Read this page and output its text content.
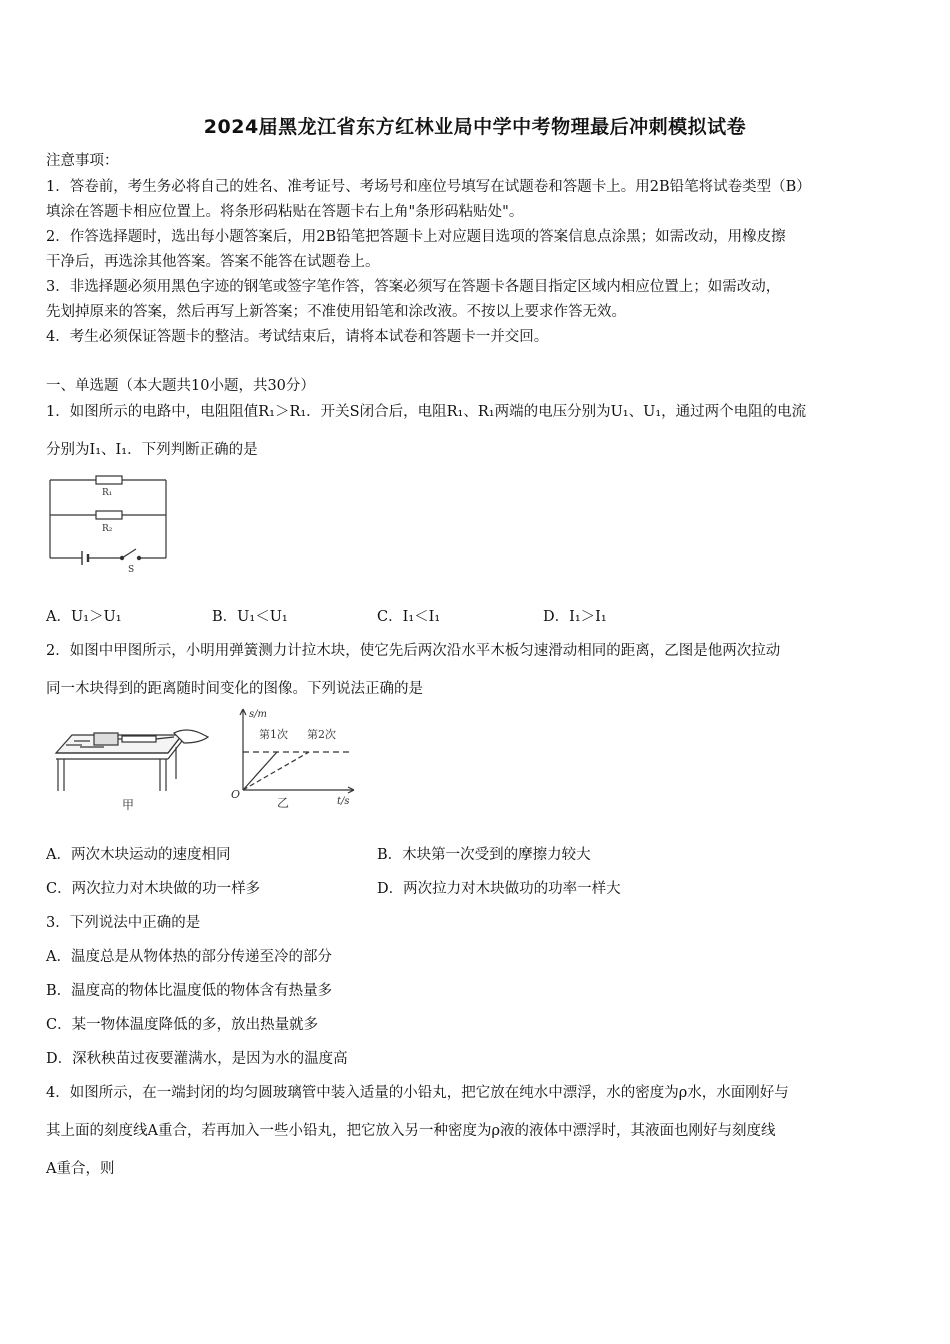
2024届黑龙江省东方红林业局中学中考物理最后冲刺模拟试卷
注意事项：
1．答卷前，考生务必将自己的姓名、准考证号、考场号和座位号填写在试题卷和答题卡上。用2B铅笔将试卷类型（B）
填涂在答题卡相应位置上。将条形码粘贴在答题卡右上角"条形码粘贴处"。
2．作答选择题时，选出每小题答案后，用2B铅笔把答题卡上对应题目选项的答案信息点涂黑；如需改动，用橡皮擦
干净后，再选涂其他答案。答案不能答在试题卷上。
3．非选择题必须用黑色字迹的钢笔或签字笔作答，答案必须写在答题卡各题目指定区域内相应位置上；如需改动，
先划掉原来的答案，然后再写上新答案；不准使用铅笔和涂改液。不按以上要求作答无效。
4．考生必须保证答题卡的整洁。考试结束后，请将本试卷和答题卡一并交回。
一、单选题（本大题共10小题，共30分）
1．如图所示的电路中，电阻阻值R₁＞R₁．开关S闭合后，电阻R₁、R₁两端的电压分别为U₁、U₁，通过两个电阻的电流
分别为I₁、I₁．下列判断正确的是
R₁
R₂
S
A．U₁＞U₁	B．U₁＜U₁	C．I₁＜I₁	D．I₁＞I₁
2．如图中甲图所示，小明用弹簧测力计拉木块，使它先后两次沿水平木板匀速滑动相同的距离，乙图是他两次拉动
同一木块得到的距离随时间变化的图像。下列说法正确的是
甲
s/m
第1次 第2次
O
乙	t/s
A．两次木块运动的速度相同	B．木块第一次受到的摩擦力较大
C．两次拉力对木块做的功一样多	D．两次拉力对木块做功的功率一样大
3．下列说法中正确的是
A．温度总是从物体热的部分传递至冷的部分
B．温度高的物体比温度低的物体含有热量多
C．某一物体温度降低的多，放出热量就多
D．深秋秧苗过夜要灌满水，是因为水的温度高
4．如图所示，在一端封闭的均匀圆玻璃管中装入适量的小铅丸，把它放在纯水中漂浮，水的密度为ρ水，水面刚好与
其上面的刻度线A重合，若再加入一些小铅丸，把它放入另一种密度为ρ液的液体中漂浮时，其液面也刚好与刻度线
A重合，则
